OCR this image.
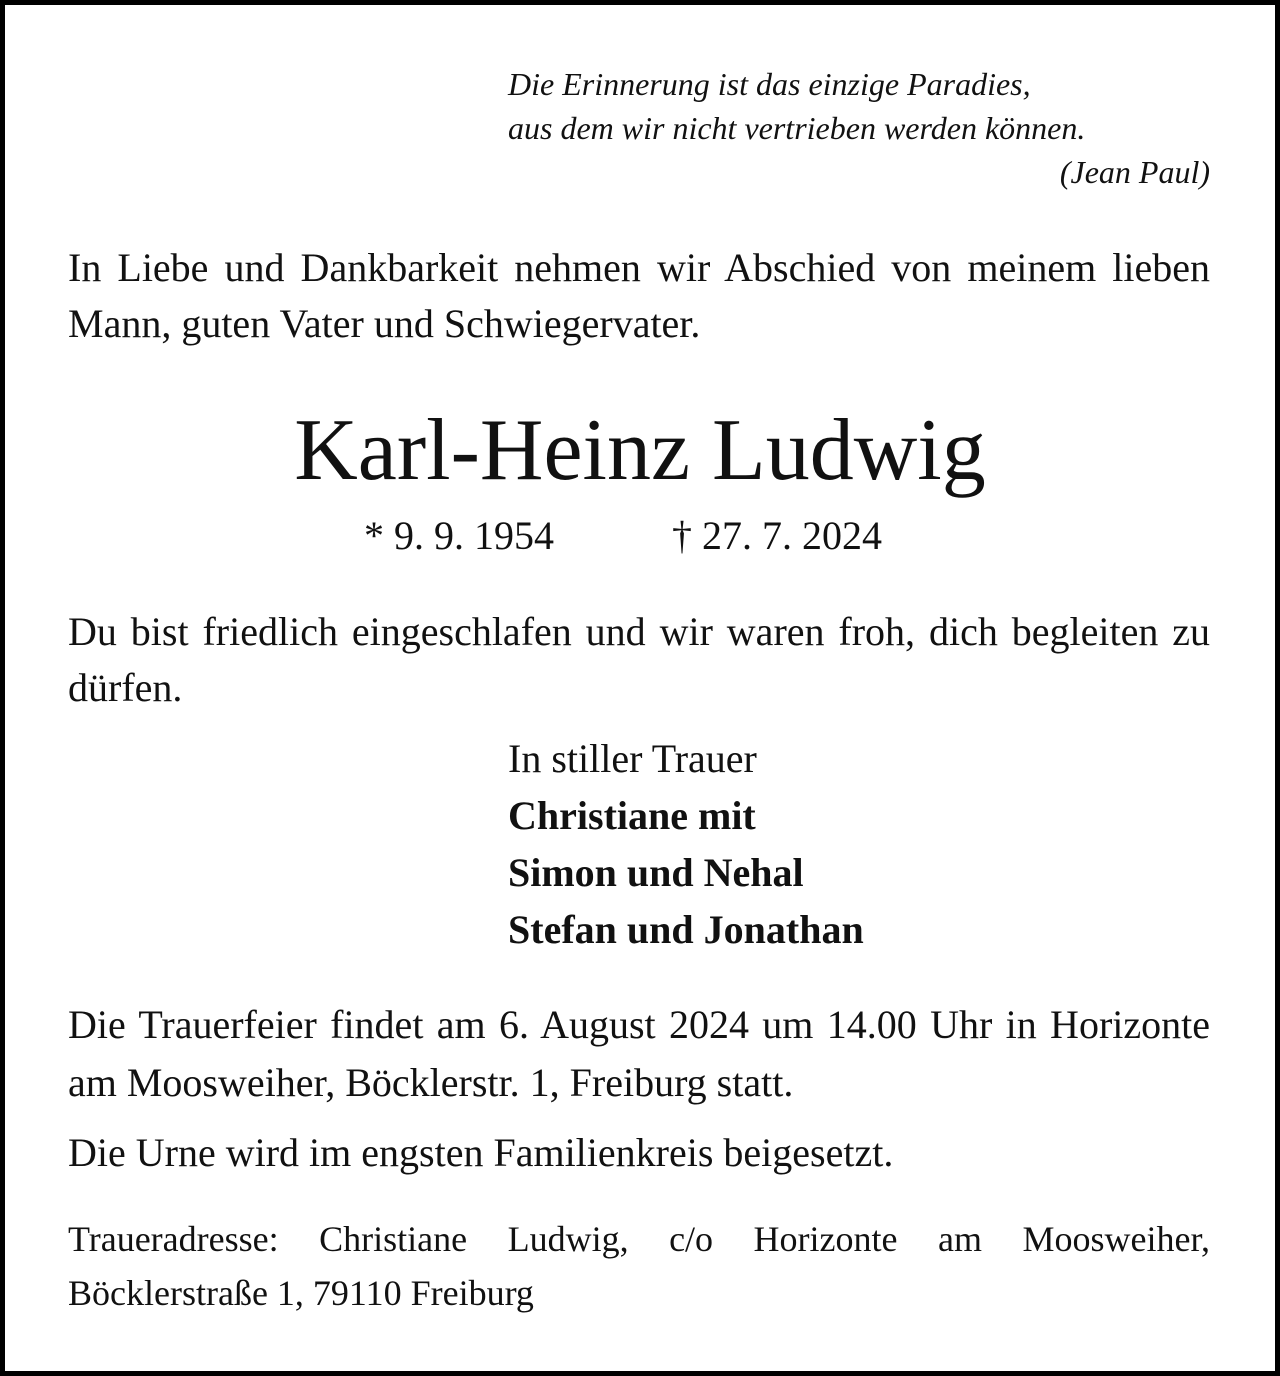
Die Erinnerung ist das einzige Paradies,
aus dem wir nicht vertrieben werden können.
(Jean Paul)
In Liebe und Dankbarkeit nehmen wir Abschied von meinem lieben Mann, guten Vater und Schwiegervater.
Karl-Heinz Ludwig
* 9. 9. 1954	† 27. 7. 2024
Du bist friedlich eingeschlafen und wir waren froh, dich begleiten zu dürfen.
In stiller Trauer
Christiane mit
Simon und Nehal
Stefan und Jonathan
Die Trauerfeier findet am 6. August 2024 um 14.00 Uhr in Horizonte am Moosweiher, Böcklerstr. 1, Freiburg statt.
Die Urne wird im engsten Familienkreis beigesetzt.
Traueradresse: Christiane Ludwig, c/o Horizonte am Moosweiher, Böcklerstraße 1, 79110 Freiburg
